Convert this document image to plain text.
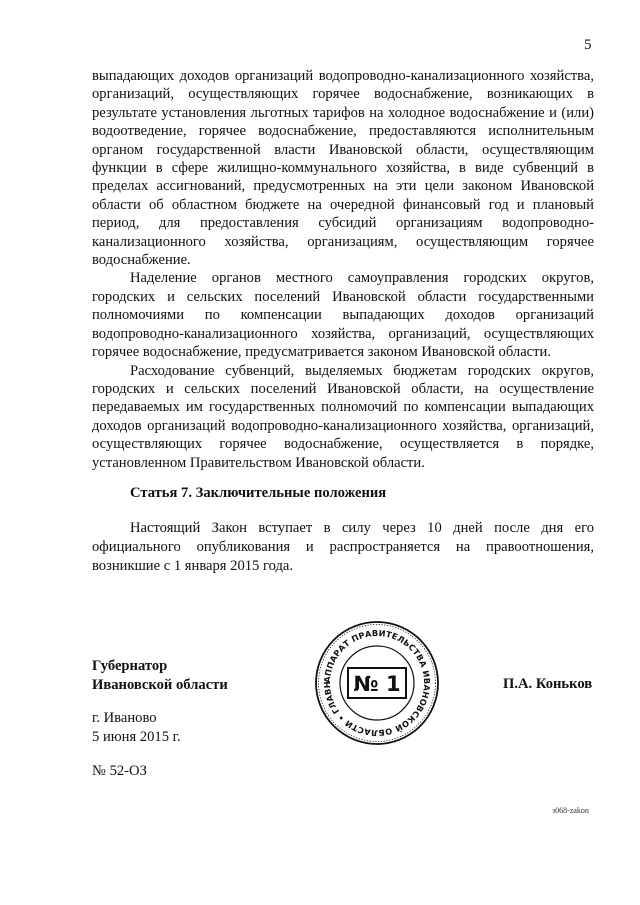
5

выпадающих доходов организаций водопроводно-канализационного хозяйства, организаций, осуществляющих горячее водоснабжение, возникающих в результате установления льготных тарифов на холодное водоснабжение и (или) водоотведение, горячее водоснабжение, предоставляются исполнительным органом государственной власти Ивановской области, осуществляющим функции в сфере жилищно-коммунального хозяйства, в виде субвенций в пределах ассигнований, предусмотренных на эти цели законом Ивановской области об областном бюджете на очередной финансовый год и плановый период, для предоставления субсидий организациям водопроводно-канализационного хозяйства, организациям, осуществляющим горячее водоснабжение.

Наделение органов местного самоуправления городских округов, городских и сельских поселений Ивановской области государственными полномочиями по компенсации выпадающих доходов организаций водопроводно-канализационного хозяйства, организаций, осуществляющих горячее водоснабжение, предусматривается законом Ивановской области.

Расходование субвенций, выделяемых бюджетам городских округов, городских и сельских поселений Ивановской области, на осуществление передаваемых им государственных полномочий по компенсации выпадающих доходов организаций водопроводно-канализационного хозяйства, организаций, осуществляющих горячее водоснабжение, осуществляется в порядке, установленном Правительством Ивановской области.

Статья 7. Заключительные положения

Настоящий Закон вступает в силу через 10 дней после дня его официального опубликования и распространяется на правоотношения, возникшие с 1 января 2015 года.

Губернатор
Ивановской области	АППАРАТ ПРАВИТЕЛЬСТВА ИВАНОВСКОЙ ОБЛАСТИ • ГЛАВН	№ 1	П.А. Коньков
г. Иваново
5 июня 2015 г.
№ 52-ОЗ
з068-zakon
